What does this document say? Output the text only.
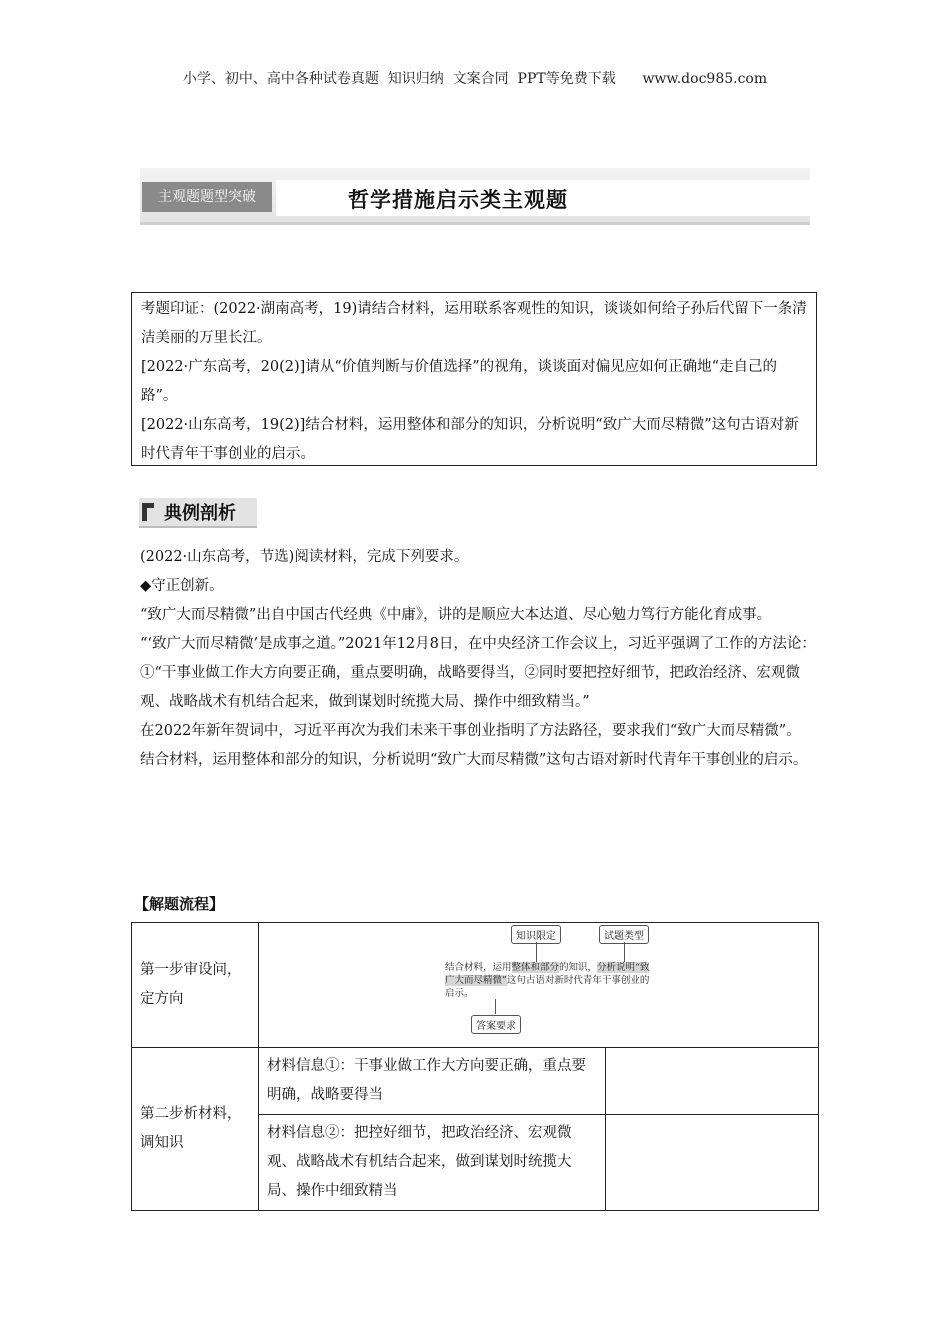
小学、初中、高中各种试卷真题  知识归纳  文案合同  PPT等免费下载      www.doc985.com
主观题题型突破	哲学措施启示类主观题

考题印证：(2022·湖南高考，19)请结合材料，运用联系客观性的知识，谈谈如何给子孙后代留下一条清洁美丽的万里长江。

[2022·广东高考，20(2)]请从“价值判断与价值选择”的视角，谈谈面对偏见应如何正确地“走自己的路”。

[2022·山东高考，19(2)]结合材料，运用整体和部分的知识，分析说明“致广大而尽精微”这句古语对新时代青年干事创业的启示。

典例剖析

(2022·山东高考，节选)阅读材料，完成下列要求。

◆守正创新。

“致广大而尽精微”出自中国古代经典《中庸》，讲的是顺应大本达道、尽心勉力笃行方能化育成事。

“‘致广大而尽精微’是成事之道。”2021年12月8日，在中央经济工作会议上，习近平强调了工作的方法论：①“干事业做工作大方向要正确，重点要明确，战略要得当，②同时要把控好细节，把政治经济、宏观微观、战略战术有机结合起来，做到谋划时统揽大局、操作中细致精当。”

在2022年新年贺词中，习近平再次为我们未来干事创业指明了方法路径，要求我们“致广大而尽精微”。

结合材料，运用整体和部分的知识，分析说明“致广大而尽精微”这句古语对新时代青年干事创业的启示。

【解题流程】
第一步审设问，定方向	知识限定 试题类型
结合材料，运用整体和部分的知识，分析说明“致广大而尽精微”这句古语对新时代青年干事创业的启示。
答案要求	

第二步析材料，调知识	材料信息①：干事业做工作大方向要正确，重点要明确，战略要得当	
	材料信息②：把控好细节，把政治经济、宏观微观、战略战术有机结合起来，做到谋划时统揽大局、操作中细致精当	
